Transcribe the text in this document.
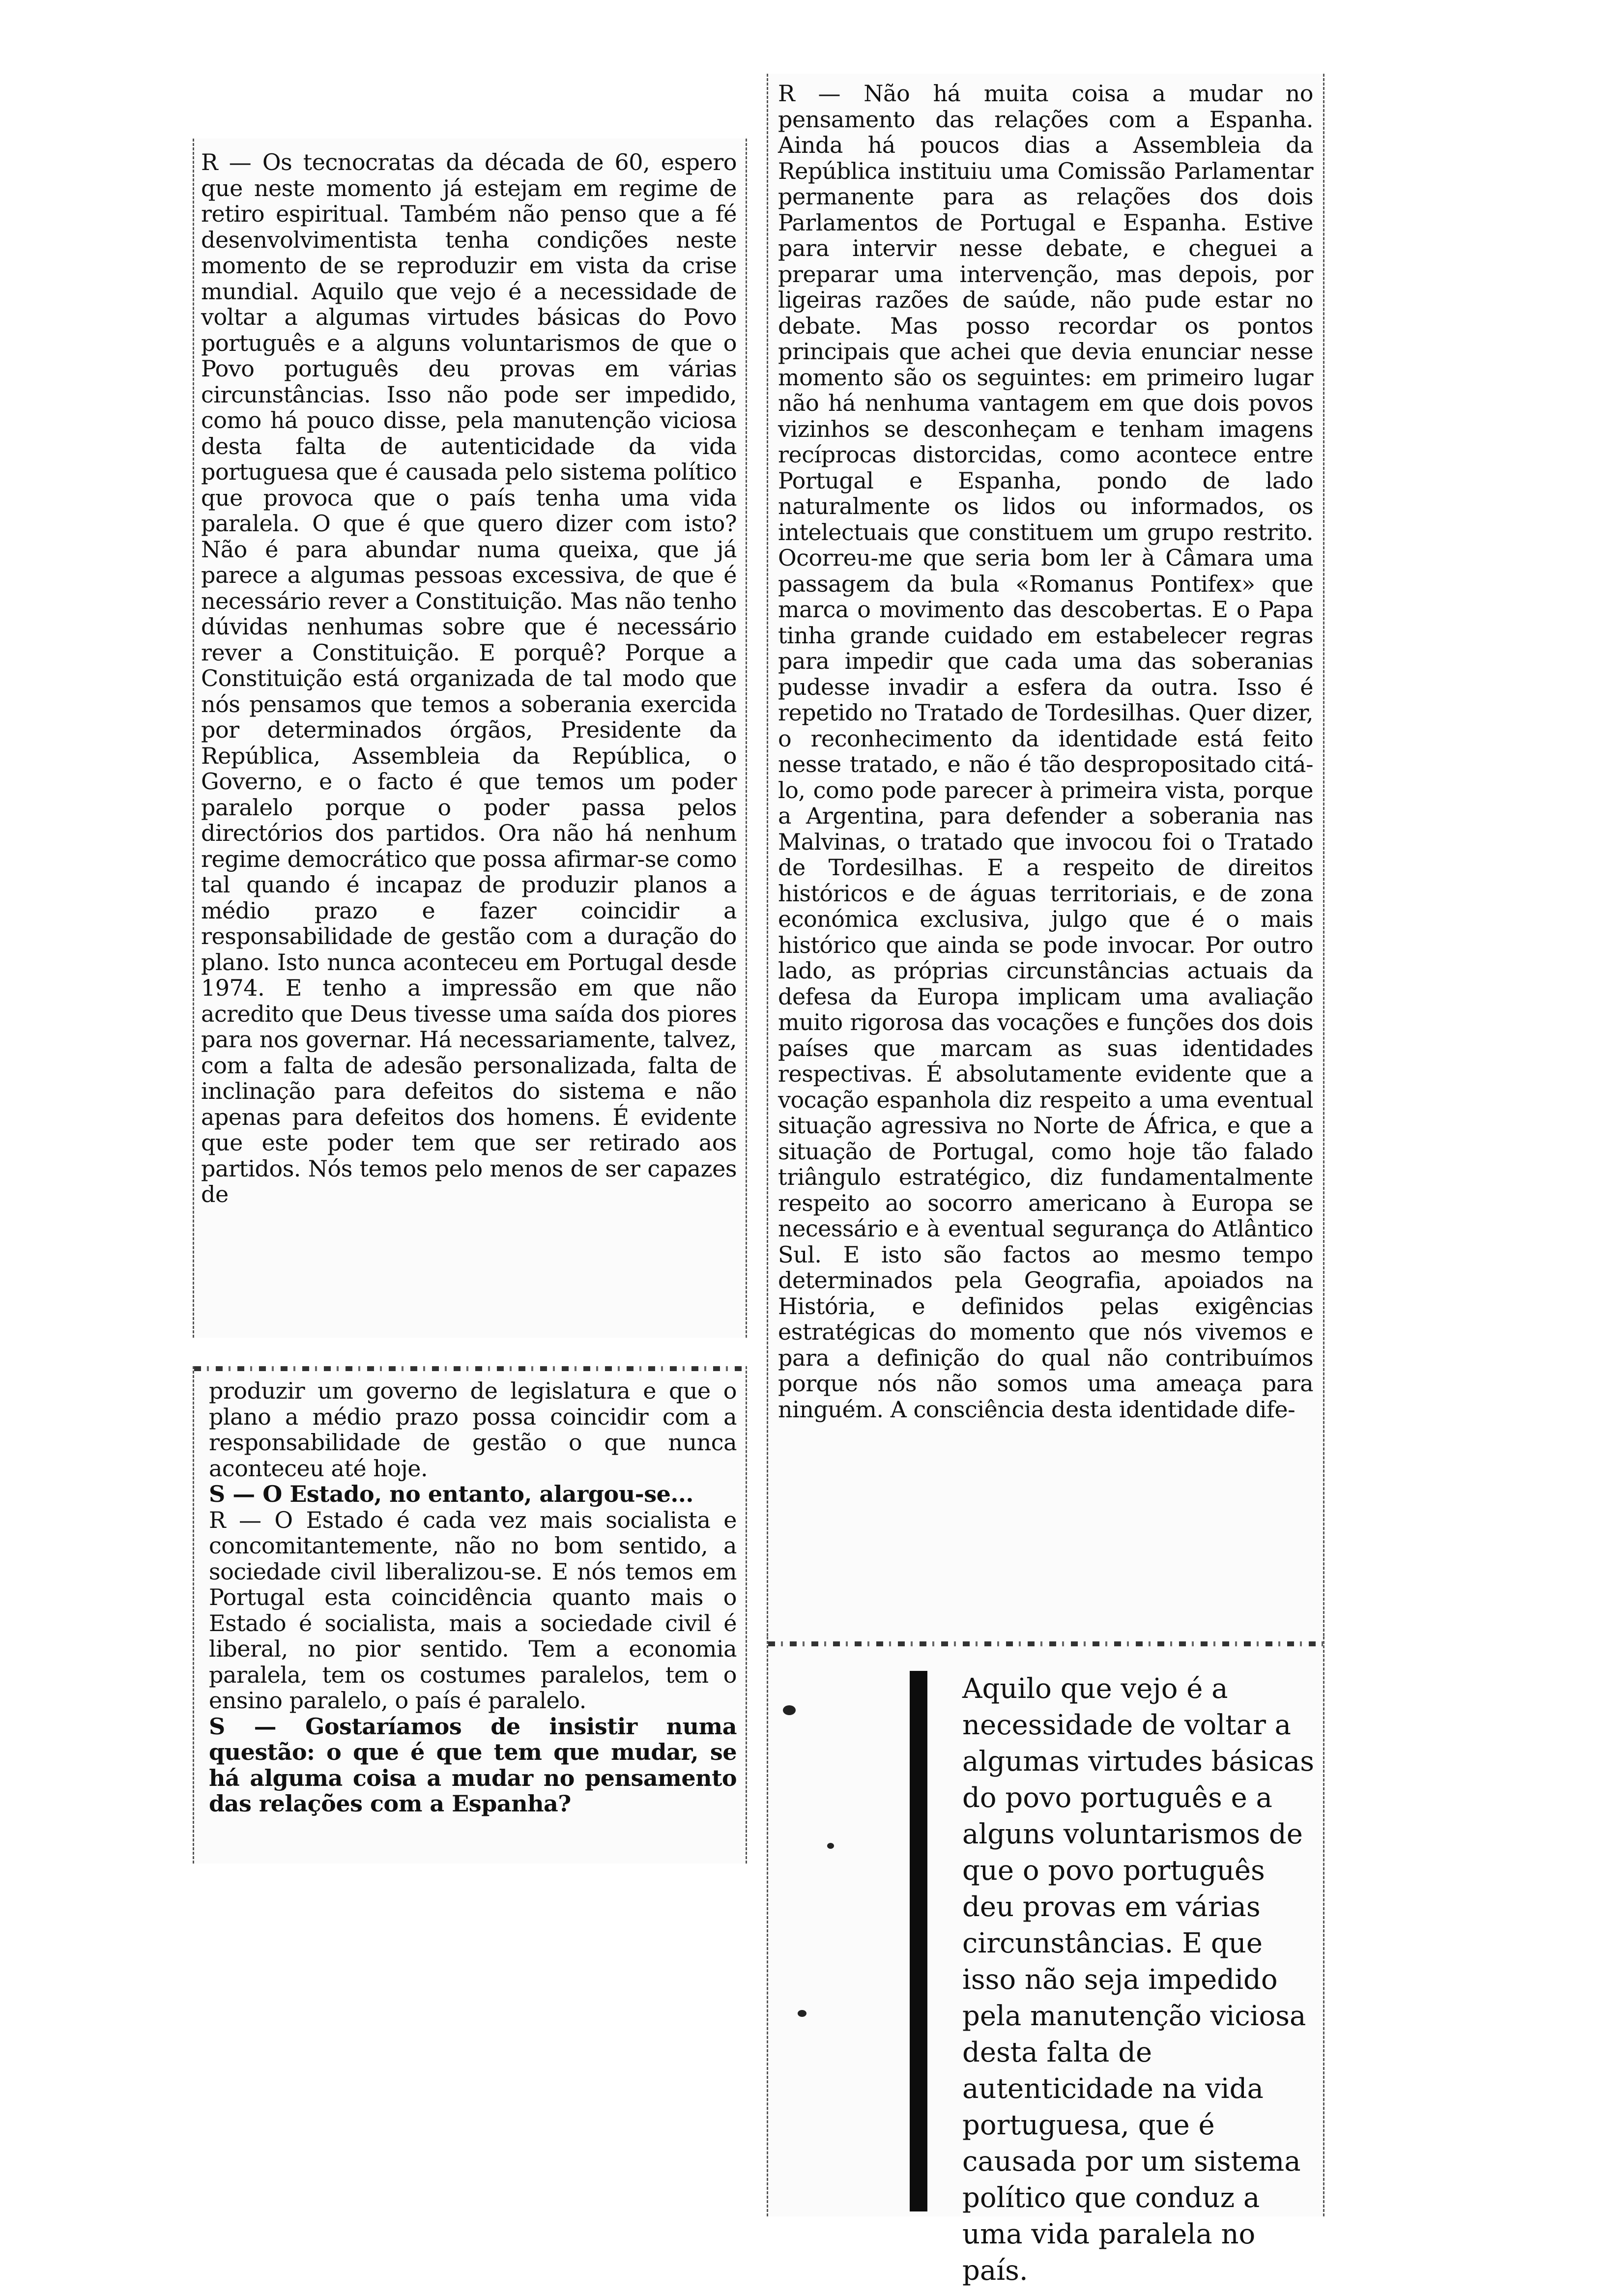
R — Os tecnocratas da década de 60, espero que neste momento já estejam em regime de retiro espiritual. Também não penso que a fé desenvolvimentista tenha condições neste momento de se reproduzir em vista da crise mundial. Aquilo que vejo é a necessidade de voltar a algumas virtudes básicas do Povo português e a alguns voluntarismos de que o Povo português deu provas em várias circunstâncias. Isso não pode ser impedido, como há pouco disse, pela manutenção viciosa desta falta de autenticidade da vida portuguesa que é causada pelo sistema político que provoca que o país tenha uma vida paralela. O que é que quero dizer com isto? Não é para abundar numa queixa, que já parece a algumas pessoas excessiva, de que é necessário rever a Constituição. Mas não tenho dúvidas nenhumas sobre que é necessário rever a Constituição. E porquê? Porque a Constituição está organizada de tal modo que nós pensamos que temos a soberania exercida por determinados órgãos, Presidente da República, Assembleia da República, o Governo, e o facto é que temos um poder paralelo porque o poder passa pelos directórios dos partidos. Ora não há nenhum regime democrático que possa afirmar-se como tal quando é incapaz de produzir planos a médio prazo e fazer coincidir a responsabilidade de gestão com a duração do plano. Isto nunca aconteceu em Portugal desde 1974. E tenho a impressão em que não acredito que Deus tivesse uma saída dos piores para nos governar. Há necessariamente, talvez, com a falta de adesão personalizada, falta de inclinação para defeitos do sistema e não apenas para defeitos dos homens. É evidente que este poder tem que ser retirado aos partidos. Nós temos pelo menos de ser capazes de

produzir um governo de legislatura e que o plano a médio prazo possa coincidir com a responsabilidade de gestão o que nunca aconteceu até hoje.

S — O Estado, no entanto, alargou-se...

R — O Estado é cada vez mais socialista e concomitantemente, não no bom sentido, a sociedade civil liberalizou-se. E nós temos em Portugal esta coincidência quanto mais o Estado é socialista, mais a sociedade civil é liberal, no pior sentido. Tem a economia paralela, tem os costumes paralelos, tem o ensino paralelo, o país é paralelo.

S — Gostaríamos de insistir numa questão: o que é que tem que mudar, se há alguma coisa a mudar no pensamento das relações com a Espanha?

R — Não há muita coisa a mudar no pensamento das relações com a Espanha. Ainda há poucos dias a Assembleia da República instituiu uma Comissão Parlamentar permanente para as relações dos dois Parlamentos de Portugal e Espanha. Estive para intervir nesse debate, e cheguei a preparar uma intervenção, mas depois, por ligeiras razões de saúde, não pude estar no debate. Mas posso recordar os pontos principais que achei que devia enunciar nesse momento são os seguintes: em primeiro lugar não há nenhuma vantagem em que dois povos vizinhos se desconheçam e tenham imagens recíprocas distorcidas, como acontece entre Portugal e Espanha, pondo de lado naturalmente os lidos ou informados, os intelectuais que constituem um grupo restrito. Ocorreu-me que seria bom ler à Câmara uma passagem da bula «Romanus Pontifex» que marca o movimento das descobertas. E o Papa tinha grande cuidado em estabelecer regras para impedir que cada uma das soberanias pudesse invadir a esfera da outra. Isso é repetido no Tratado de Tordesilhas. Quer dizer, o reconhecimento da identidade está feito nesse tratado, e não é tão despropositado citá-lo, como pode parecer à primeira vista, porque a Argentina, para defender a soberania nas Malvinas, o tratado que invocou foi o Tratado de Tordesilhas. E a respeito de direitos históricos e de águas territoriais, e de zona económica exclusiva, julgo que é o mais histórico que ainda se pode invocar. Por outro lado, as próprias circunstâncias actuais da defesa da Europa implicam uma avaliação muito rigorosa das vocações e funções dos dois países que marcam as suas identidades respectivas. É absolutamente evidente que a vocação espanhola diz respeito a uma eventual situação agressiva no Norte de África, e que a situação de Portugal, como hoje tão falado triângulo estratégico, diz fundamentalmente respeito ao socorro americano à Europa se necessário e à eventual segurança do Atlântico Sul. E isto são factos ao mesmo tempo determinados pela Geografia, apoiados na História, e definidos pelas exigências estratégicas do momento que nós vivemos e para a definição do qual não contribuímos porque nós não somos uma ameaça para ninguém. A consciência desta identidade dife-

Aquilo que vejo é a necessidade de voltar a algumas virtudes básicas do povo português e a alguns voluntarismos de que o povo português deu provas em várias circunstâncias. E que isso não seja impedido pela manutenção viciosa desta falta de autenticidade na vida portuguesa, que é causada por um sistema político que conduz a uma vida paralela no país.
